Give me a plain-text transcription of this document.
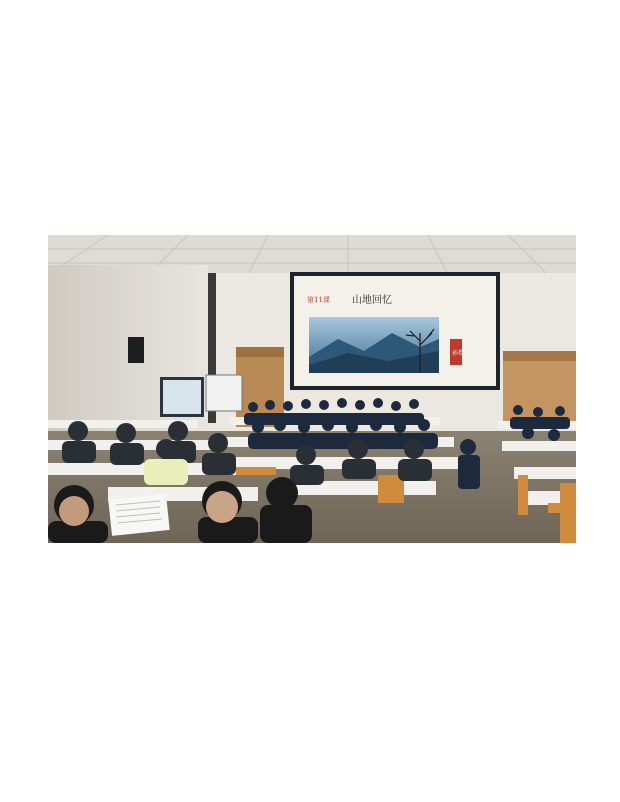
第11课 山地回忆
孙犁
